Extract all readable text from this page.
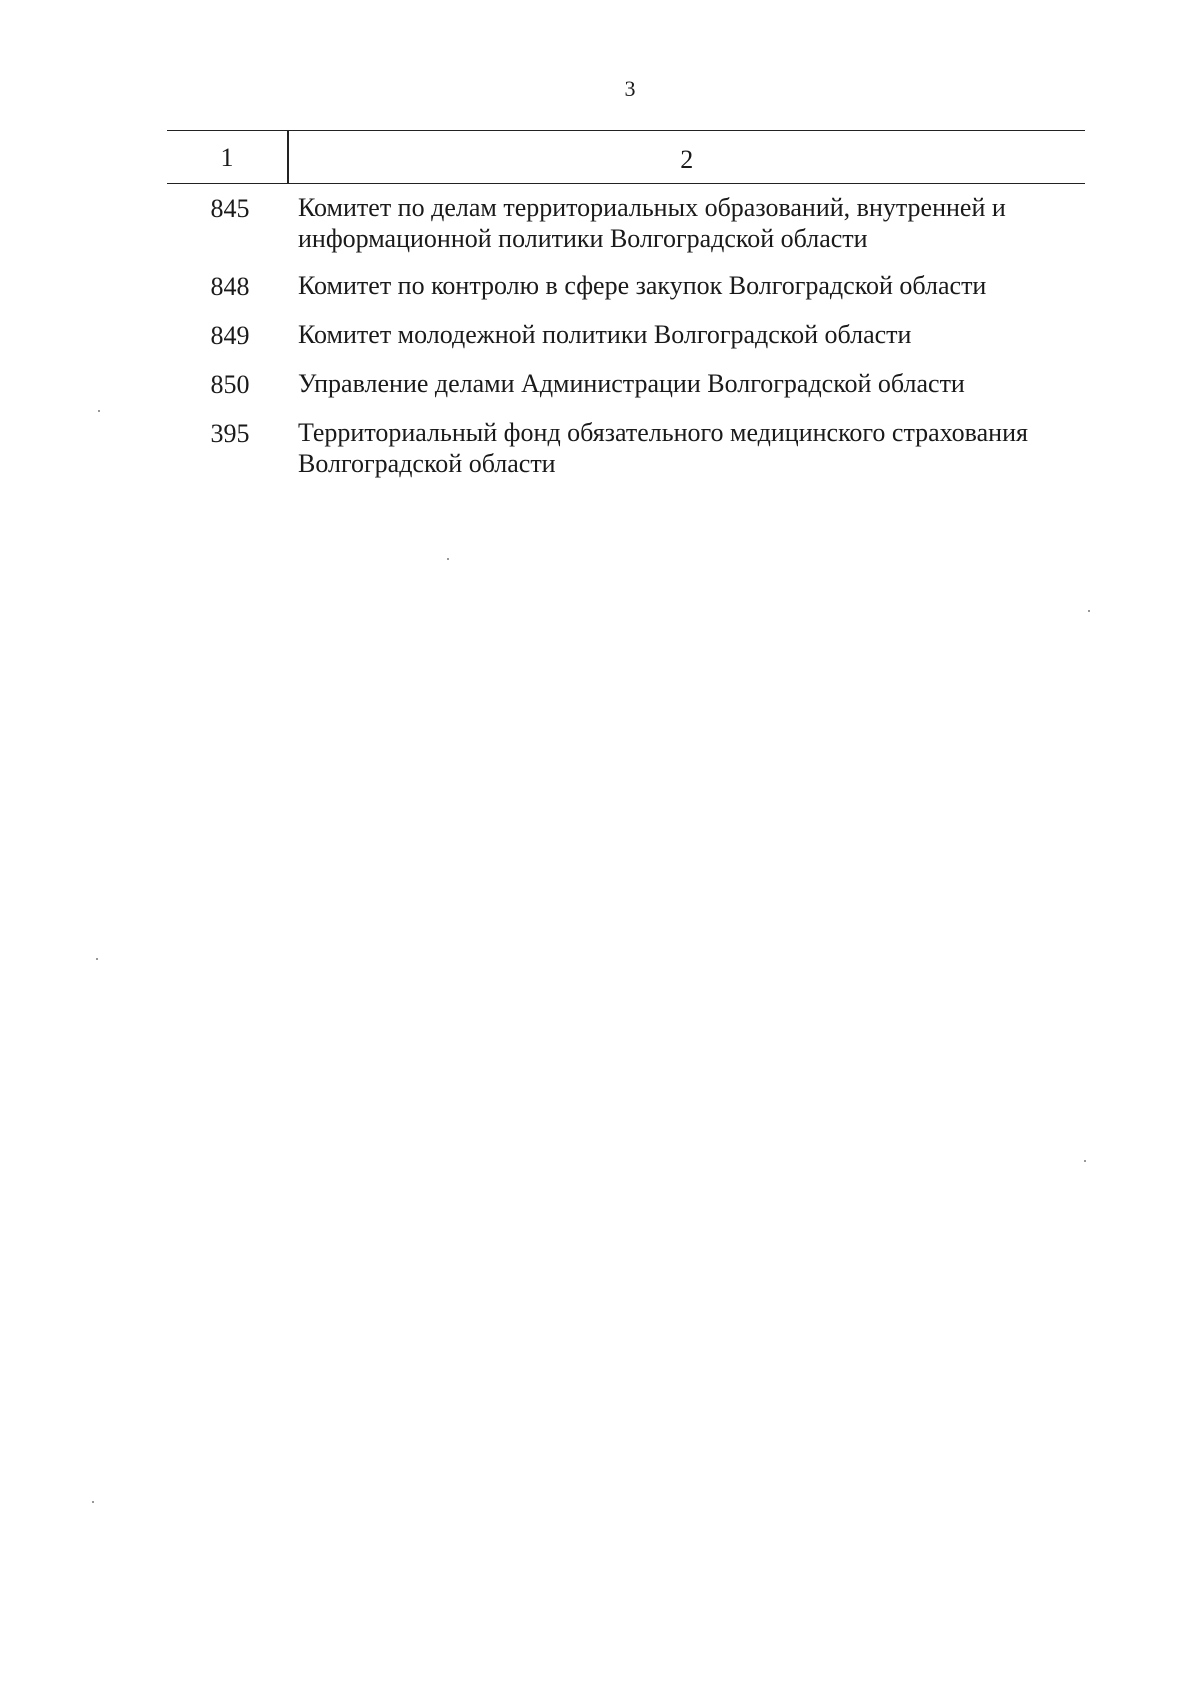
3
1	2
845	Комитет по делам территориальных образований, внутренней и информационной политики Волгоградской области
848	Комитет по контролю в сфере закупок Волгоградской области
849	Комитет молодежной политики Волгоградской области
850	Управление делами Администрации Волгоградской области
395	Территориальный фонд обязательного медицинского страхования Волгоградской области
